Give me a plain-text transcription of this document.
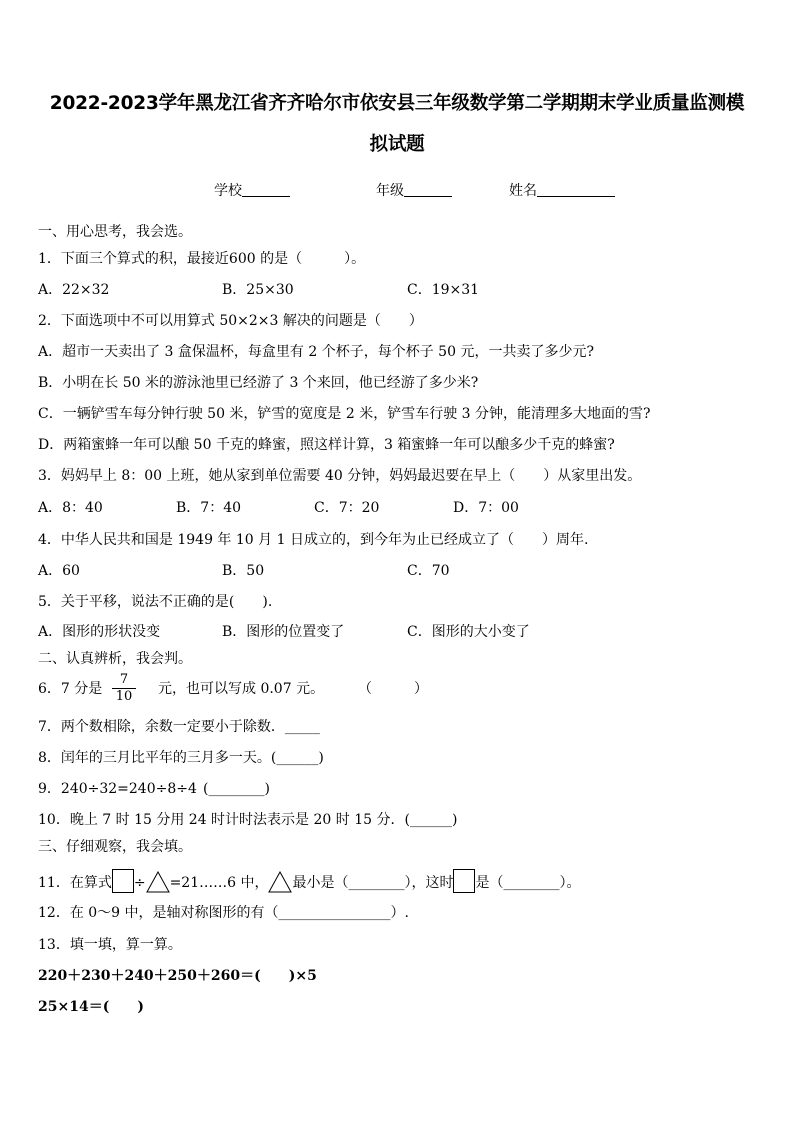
2022-2023学年黑龙江省齐齐哈尔市依安县三年级数学第二学期期末学业质量监测模
拟试题
学校	年级	姓名
一、用心思考，我会选。
1．下面三个算式的积，最接近600 的是（　　　）。
A．22×32	B．25×30	C．19×31
2．下面选项中不可以用算式 50×2×3 解决的问题是（　　）
A．超市一天卖出了 3 盒保温杯，每盒里有 2 个杯子，每个杯子 50 元，一共卖了多少元?
B．小明在长 50 米的游泳池里已经游了 3 个来回，他已经游了多少米?
C．一辆铲雪车每分钟行驶 50 米，铲雪的宽度是 2 米，铲雪车行驶 3 分钟，能清理多大地面的雪?
D．两箱蜜蜂一年可以酿 50 千克的蜂蜜，照这样计算，3 箱蜜蜂一年可以酿多少千克的蜂蜜?
3．妈妈早上 8：00 上班，她从家到单位需要 40 分钟，妈妈最迟要在早上（　　）从家里出发。
A．8：40	B．7：40	C．7：20	D．7：00
4．中华人民共和国是 1949 年 10 月 1 日成立的，到今年为止已经成立了（　　）周年.
A．60	B．50	C．70
5．关于平移，说法不正确的是(　　).
A．图形的形状没变	B．图形的位置变了	C．图形的大小变了
二、认真辨析，我会判。
6．7 分是 $\frac{7}{10}$ 元，也可以写成 0.07 元。 （　　　）
7．两个数相除，余数一定要小于除数．_____
8．闰年的三月比平年的三月多一天。(______)
9．240÷32=240÷8÷4 (________)
10．晚上 7 时 15 分用 24 时计时法表示是 20 时 15 分．(______)
三、仔细观察，我会填。
11．在算式 ÷ =21……6 中， 最小是（________），这时 是（________）。
12．在 0～9 中，是轴对称图形的有（________________）.
13．填一填，算一算。
220＋230＋240＋250＋260＝(　　)×5
25×14＝(　　)
